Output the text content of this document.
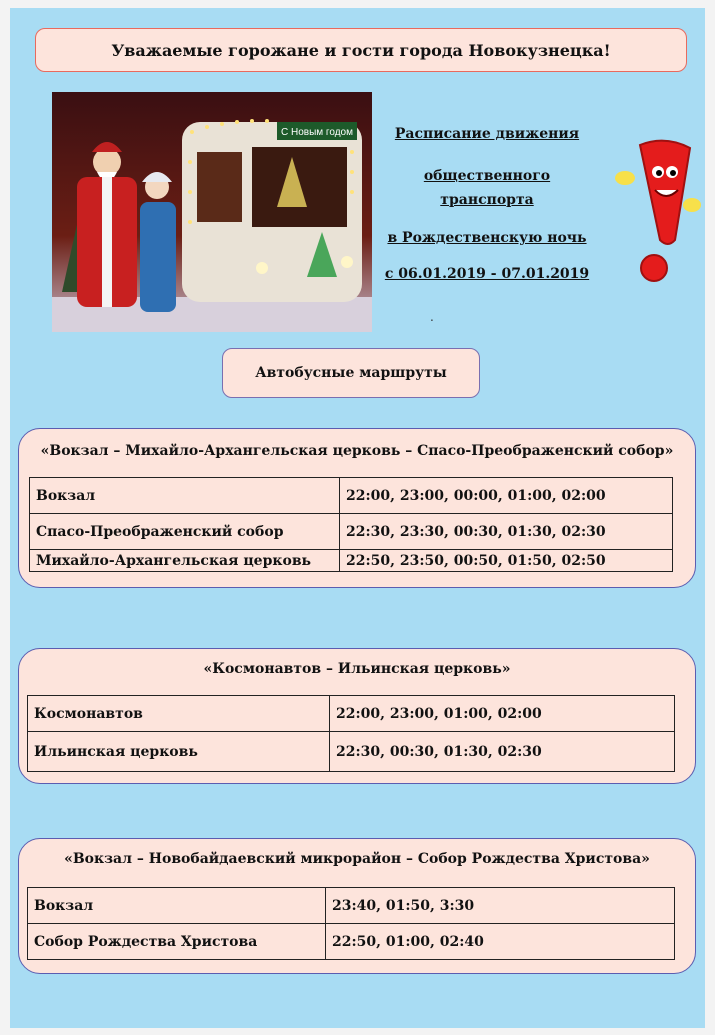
Уважаемые горожане и гости города Новокузнецка!
С Новым годом	Расписание движения
общественного
транспорта
в Рождественскую ночь
с 06.01.2019 - 07.01.2019
.
Автобусные маршруты
«Вокзал – Михайло-Архангельская церковь – Спасо-Преображенский собор»
Вокзал	22:00, 23:00, 00:00, 01:00, 02:00
Спасо-Преображенский собор	22:30, 23:30, 00:30, 01:30, 02:30
Михайло-Архангельская церковь	22:50, 23:50, 00:50, 01:50, 02:50
«Космонавтов – Ильинская церковь»
Космонавтов	22:00, 23:00, 01:00, 02:00
Ильинская церковь	22:30, 00:30, 01:30, 02:30
«Вокзал – Новобайдаевский микрорайон – Собор Рождества Христова»
Вокзал	23:40, 01:50, 3:30
Собор Рождества Христова	22:50, 01:00, 02:40
